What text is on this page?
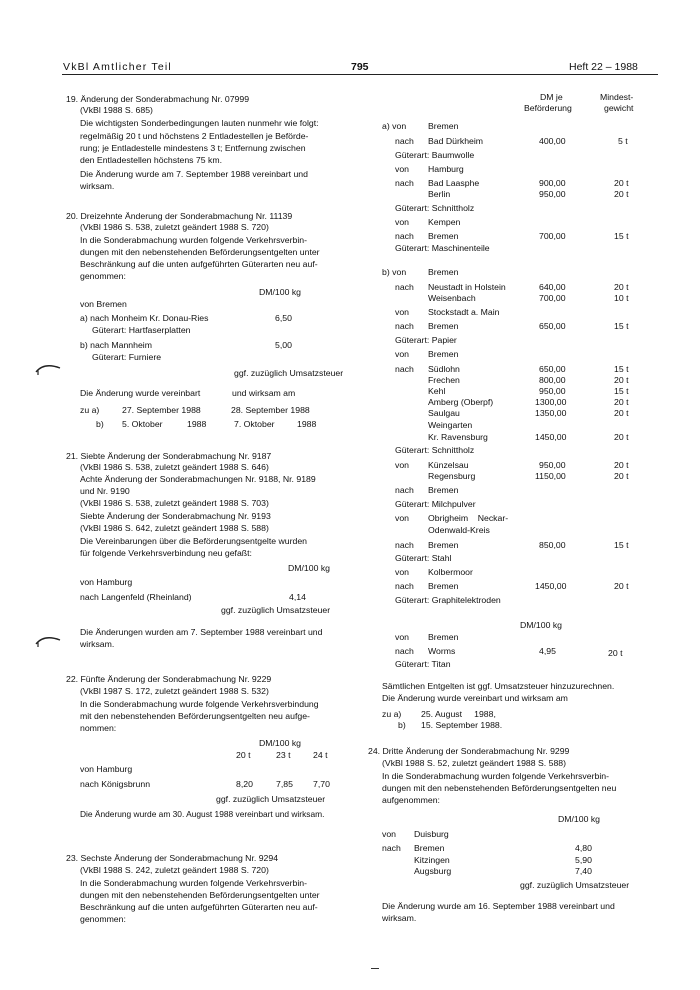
VkBl Amtlicher Teil	795	Heft 22 – 1988
19. Änderung der Sonderabmachung Nr. 07999
(VkBl 1988 S. 685)
Die wichtigsten Sonderbedingungen lauten nunmehr wie folgt:
regelmäßig 20 t und höchstens 2 Entladestellen je Beförde-
rung; je Entladestelle mindestens 3 t; Entfernung zwischen
den Entladestellen höchstens 75 km.
Die Änderung wurde am 7. September 1988 vereinbart und
wirksam.
20. Dreizehnte Änderung der Sonderabmachung Nr. 11139
(VkBl 1986 S. 538, zuletzt geändert 1988 S. 720)
In die Sonderabmachung wurden folgende Verkehrsverbin-
dungen mit den nebenstehenden Beförderungsentgelten unter
Beschränkung auf die unten aufgeführten Güterarten neu auf-
genommen:
DM/100 kg
von Bremen
a) nach Monheim Kr. Donau-Ries	6,50
Güterart: Hartfaserplatten
b) nach Mannheim	5,00
Güterart: Furniere
ggf. zuzüglich Umsatzsteuer
Die Änderung wurde vereinbart	und wirksam am
zu a)	27. September 1988	28. September 1988
b) 5. Oktober	1988	7. Oktober	1988
21. Siebte Änderung der Sonderabmachung Nr. 9187
(VkBl 1986 S. 538, zuletzt geändert 1988 S. 646)
Achte Änderung der Sonderabmachungen Nr. 9188, Nr. 9189
und Nr. 9190
(VkBl 1986 S. 538, zuletzt geändert 1988 S. 703)
Siebte Änderung der Sonderabmachung Nr. 9193
(VkBl 1986 S. 642, zuletzt geändert 1988 S. 588)
Die Vereinbarungen über die Beförderungsentgelte wurden
für folgende Verkehrsverbindung neu gefaßt:
DM/100 kg
von Hamburg
nach Langenfeld (Rheinland)	4,14
ggf. zuzüglich Umsatzsteuer
Die Änderungen wurden am 7. September 1988 vereinbart und
wirksam.
22. Fünfte Änderung der Sonderabmachung Nr. 9229
(VkBl 1987 S. 172, zuletzt geändert 1988 S. 532)
In die Sonderabmachung wurde folgende Verkehrsverbindung
mit den nebenstehenden Beförderungsentgelten neu aufge-
nommen:
DM/100 kg
20 t	23 t	24 t
von Hamburg
nach Königsbrunn	8,20	7,85 7,70
ggf. zuzüglich Umsatzsteuer
Die Änderung wurde am 30. August 1988 vereinbart und wirksam.
23. Sechste Änderung der Sonderabmachung Nr. 9294
(VkBl 1988 S. 242, zuletzt geändert 1988 S. 720)
In die Sonderabmachung wurden folgende Verkehrsverbin-
dungen mit den nebenstehenden Beförderungsentgelten unter
Beschränkung auf die unten aufgeführten Güterarten neu auf-
genommen:
DM je
Beförderung
Mindest-
gewicht
a) von	Bremen
nach Bad Dürkheim	400,00	5 t
Güterart: Baumwolle
von Hamburg
nach Bad Laasphe	900,00	20 t
Berlin	950,00	20 t
Güterart: Schnittholz
von Kempen
nach Bremen	700,00	15 t
Güterart: Maschinenteile
b) von	Bremen
nach Neustadt in Holstein	640,00	20 t
Weisenbach	700,00	10 t
von Stockstadt a. Main
nach Bremen	650,00	15 t
Güterart: Papier
von Bremen
nach Südlohn	650,00	15 t
Frechen	800,00	20 t
Kehl	950,00	15 t
Amberg (Oberpf)	1300,00	20 t
Saulgau	1350,00	20 t
Weingarten
Kr. Ravensburg	1450,00	20 t
Güterart: Schnittholz
von Künzelsau	950,00	20 t
Regensburg	1150,00	20 t
nach Bremen
Güterart: Milchpulver
von Obrigheim    Neckar-
Odenwald-Kreis
nach Bremen	850,00	15 t
Güterart: Stahl
von Kolbermoor
nach Bremen	1450,00	20 t
Güterart: Graphitelektroden
DM/100 kg
von Bremen
nach Worms	4,95	20 t
Güterart: Titan
Sämtlichen Entgelten ist ggf. Umsatzsteuer hinzuzurechnen.
Die Änderung wurde vereinbart und wirksam am
zu a) 25. August     1988,
b) 15. September 1988.
24. Dritte Änderung der Sonderabmachung Nr. 9299
(VkBl 1988 S. 52, zuletzt geändert 1988 S. 588)
In die Sonderabmachung wurden folgende Verkehrsverbin-
dungen mit den nebenstehenden Beförderungsentgelten neu
aufgenommen:
DM/100 kg
von Duisburg
nach Bremen	4,80
Kitzingen	5,90
Augsburg	7,40
ggf. zuzüglich Umsatzsteuer
Die Änderung wurde am 16. September 1988 vereinbart und
wirksam.
